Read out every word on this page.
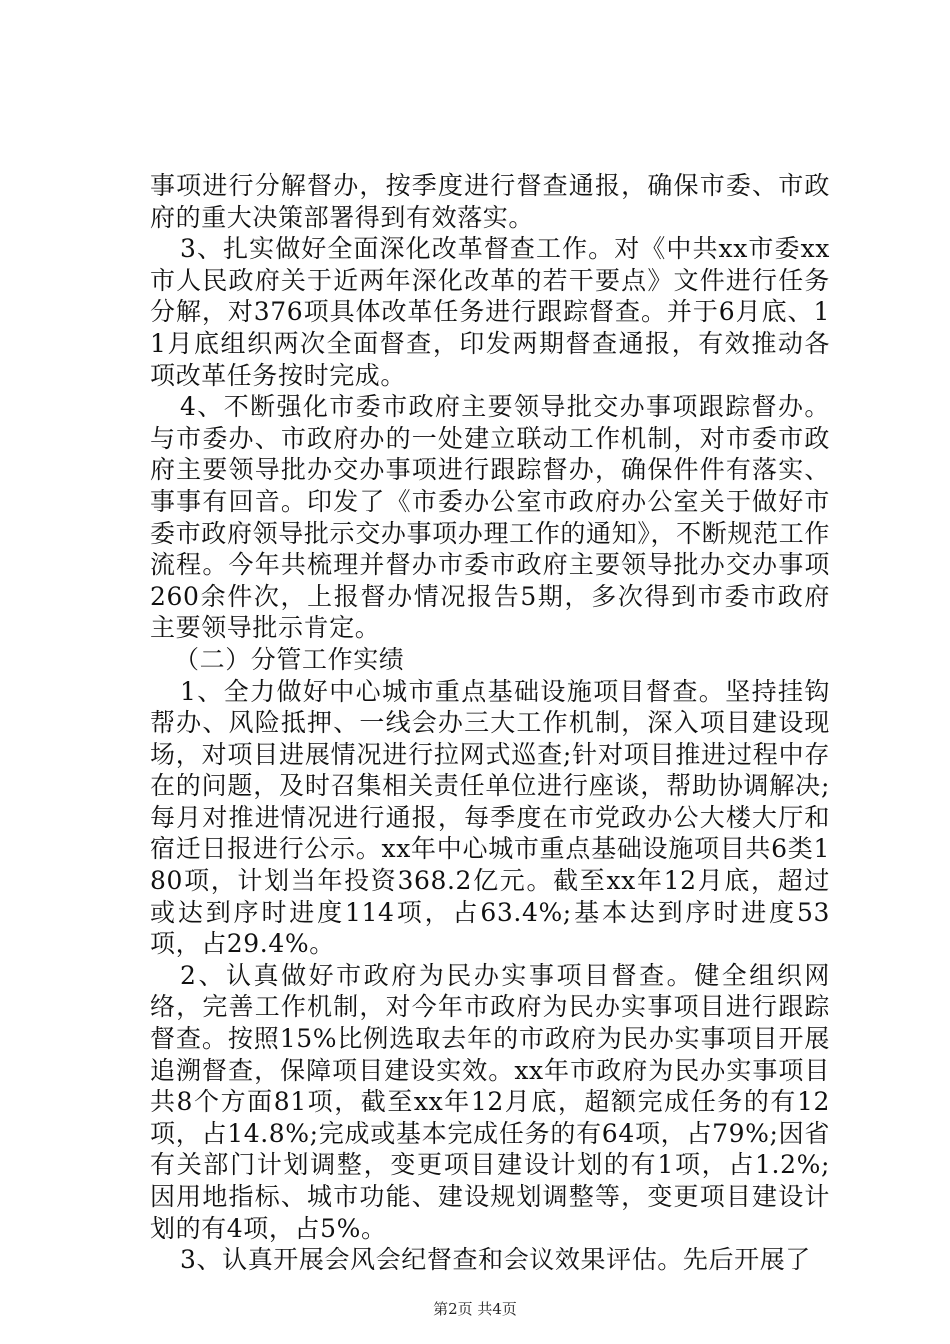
事项进行分解督办，按季度进行督查通报，确保市委、市政府的重大决策部署得到有效落实。

3、扎实做好全面深化改革督查工作。对《中共xx市委xx市人民政府关于近两年深化改革的若干要点》文件进行任务分解，对376项具体改革任务进行跟踪督查。并于6月底、11月底组织两次全面督查，印发两期督查通报，有效推动各项改革任务按时完成。

4、不断强化市委市政府主要领导批交办事项跟踪督办。与市委办、市政府办的一处建立联动工作机制，对市委市政府主要领导批办交办事项进行跟踪督办，确保件件有落实、事事有回音。印发了《市委办公室市政府办公室关于做好市委市政府领导批示交办事项办理工作的通知》，不断规范工作流程。今年共梳理并督办市委市政府主要领导批办交办事项260余件次，上报督办情况报告5期，多次得到市委市政府主要领导批示肯定。

（二）分管工作实绩

1、全力做好中心城市重点基础设施项目督查。坚持挂钩帮办、风险抵押、一线会办三大工作机制，深入项目建设现场，对项目进展情况进行拉网式巡查;针对项目推进过程中存在的问题，及时召集相关责任单位进行座谈，帮助协调解决;每月对推进情况进行通报，每季度在市党政办公大楼大厅和宿迁日报进行公示。xx年中心城市重点基础设施项目共6类180项，计划当年投资368.2亿元。截至xx年12月底，超过或达到序时进度114项，占63.4%;基本达到序时进度53项，占29.4%。

2、认真做好市政府为民办实事项目督查。健全组织网络，完善工作机制，对今年市政府为民办实事项目进行跟踪督查。按照15%比例选取去年的市政府为民办实事项目开展追溯督查，保障项目建设实效。xx年市政府为民办实事项目共8个方面81项，截至xx年12月底，超额完成任务的有12项，占14.8%;完成或基本完成任务的有64项，占79%;因省有关部门计划调整，变更项目建设计划的有1项，占1.2%;因用地指标、城市功能、建设规划调整等，变更项目建设计划的有4项，占5%。

3、认真开展会风会纪督查和会议效果评估。先后开展了

第2页 共4页
